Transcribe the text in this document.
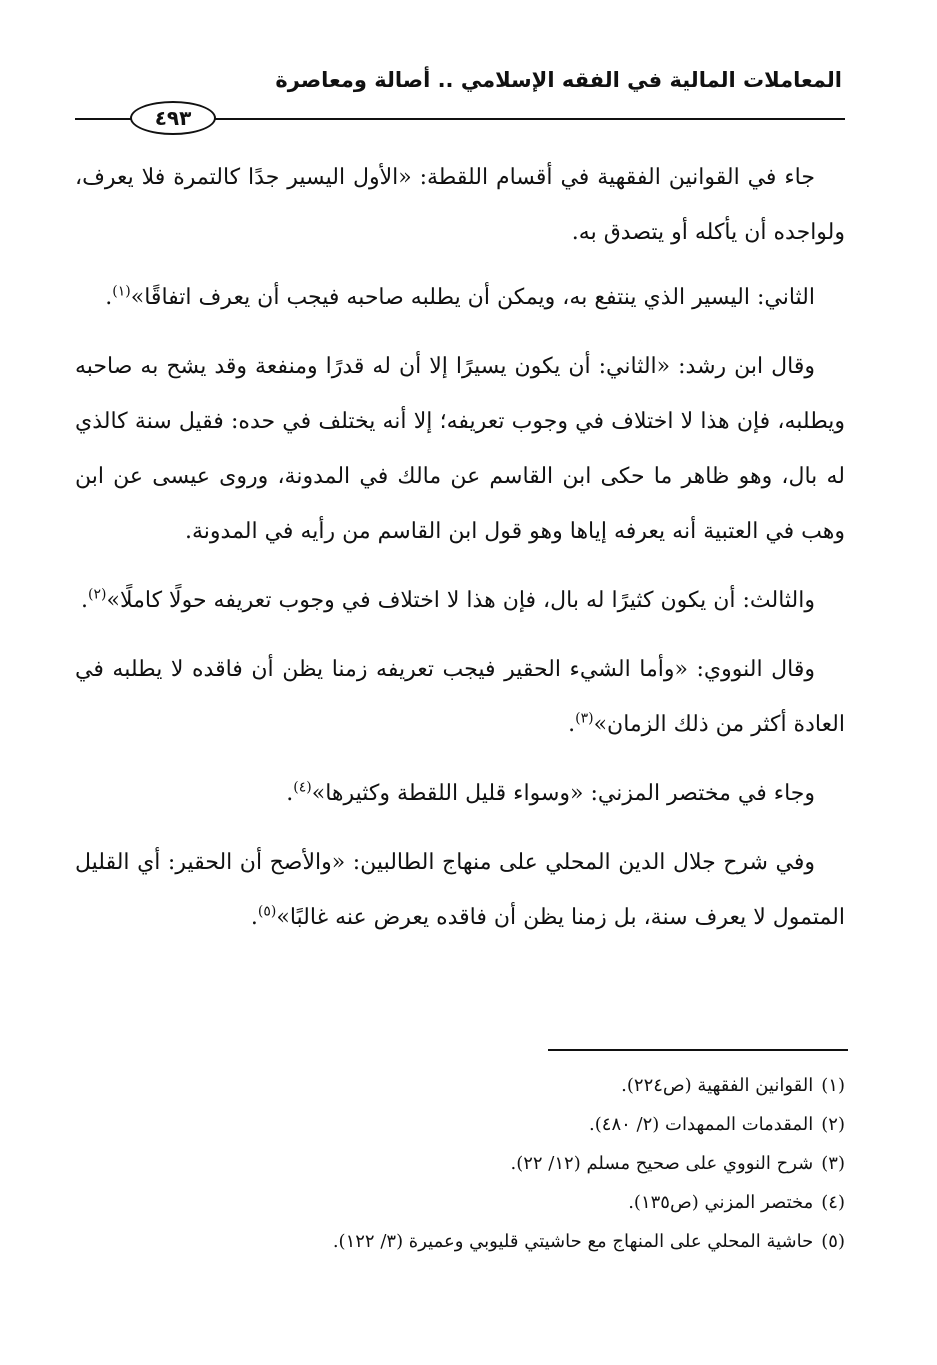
المعاملات المالية في الفقه الإسلامي .. أصالة ومعاصرة
٤٩٣

جاء في القوانين الفقهية في أقسام اللقطة: «الأول اليسير جدًا كالتمرة فلا يعرف، ولواجده أن يأكله أو يتصدق به.

الثاني: اليسير الذي ينتفع به، ويمكن أن يطلبه صاحبه فيجب أن يعرف اتفاقًا»$^{(١)}$.

وقال ابن رشد: «الثاني: أن يكون يسيرًا إلا أن له قدرًا ومنفعة وقد يشح به صاحبه ويطلبه، فإن هذا لا اختلاف في وجوب تعريفه؛ إلا أنه يختلف في حده: فقيل سنة كالذي له بال، وهو ظاهر ما حكى ابن القاسم عن مالك في المدونة، وروى عيسى عن ابن وهب في العتبية أنه يعرفه إياها وهو قول ابن القاسم من رأيه في المدونة.

والثالث: أن يكون كثيرًا له بال، فإن هذا لا اختلاف في وجوب تعريفه حولًا كاملًا»$^{(٢)}$.

وقال النووي: «وأما الشيء الحقير فيجب تعريفه زمنا يظن أن فاقده لا يطلبه في العادة أكثر من ذلك الزمان»$^{(٣)}$.

وجاء في مختصر المزني: «وسواء قليل اللقطة وكثيرها»$^{(٤)}$.

وفي شرح جلال الدين المحلي على منهاج الطالبين: «والأصح أن الحقير: أي القليل المتمول لا يعرف سنة، بل زمنا يظن أن فاقده يعرض عنه غالبًا»$^{(٥)}$.

(١)القوانين الفقهية (ص٢٢٤).
(٢)المقدمات الممهدات (٢/ ٤٨٠).
(٣)شرح النووي على صحيح مسلم (١٢/ ٢٢).
(٤)مختصر المزني (ص١٣٥).
(٥)حاشية المحلي على المنهاج مع حاشيتي قليوبي وعميرة (٣/ ١٢٢).
